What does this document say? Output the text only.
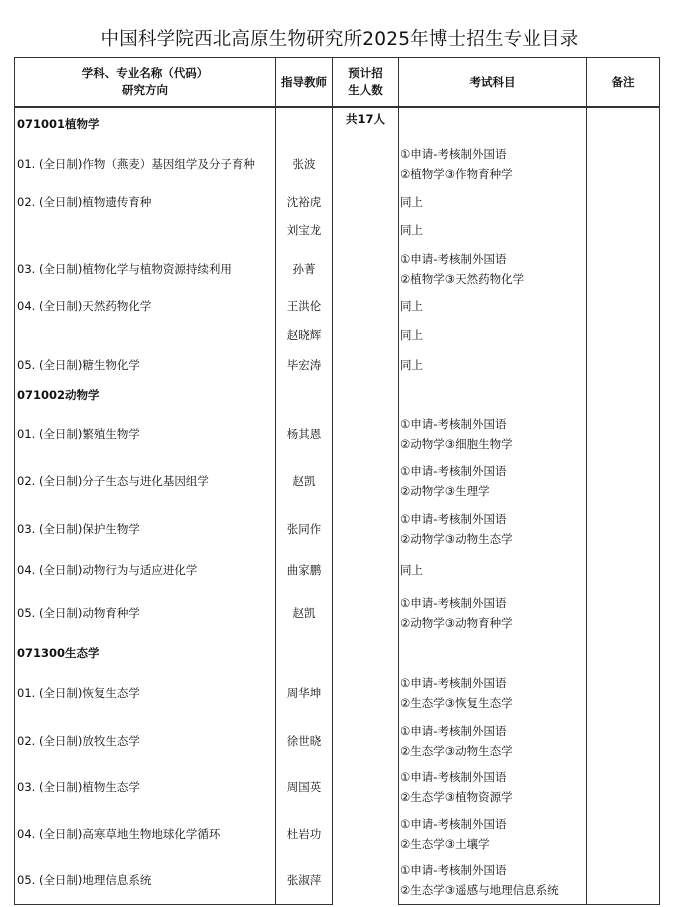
中国科学院西北高原生物研究所2025年博士招生专业目录
学科、专业名称（代码）
研究方向	指导教师	预计招
生人数	考试科目	备注
071001植物学		共17人		
01. (全日制)作物（燕麦）基因组学及分子育种	张波		①申请-考核制外国语
②植物学③作物育种学	

02. (全日制)植物遗传育种	沈裕虎		同上	

	刘宝龙		同上	

03. (全日制)植物化学与植物资源持续利用	孙菁		①申请-考核制外国语
②植物学③天然药物化学	

04. (全日制)天然药物化学	王洪伦		同上	

	赵晓辉		同上	

05. (全日制)糖生物化学	毕宏涛		同上	

071002动物学				
01. (全日制)繁殖生物学	杨其恩		①申请-考核制外国语
②动物学③细胞生物学	

02. (全日制)分子生态与进化基因组学	赵凯		①申请-考核制外国语
②动物学③生理学	

03. (全日制)保护生物学	张同作		①申请-考核制外国语
②动物学③动物生态学	

04. (全日制)动物行为与适应进化学	曲家鹏		同上	

05. (全日制)动物育种学	赵凯		①申请-考核制外国语
②动物学③动物育种学	

071300生态学				
01. (全日制)恢复生态学	周华坤		①申请-考核制外国语
②生态学③恢复生态学	

02. (全日制)放牧生态学	徐世晓		①申请-考核制外国语
②生态学③动物生态学	

03. (全日制)植物生态学	周国英		①申请-考核制外国语
②生态学③植物资源学	

04. (全日制)高寒草地生物地球化学循环	杜岩功		①申请-考核制外国语
②生态学③土壤学	

05. (全日制)地理信息系统	张淑萍		①申请-考核制外国语
②生态学③遥感与地理信息系统	
